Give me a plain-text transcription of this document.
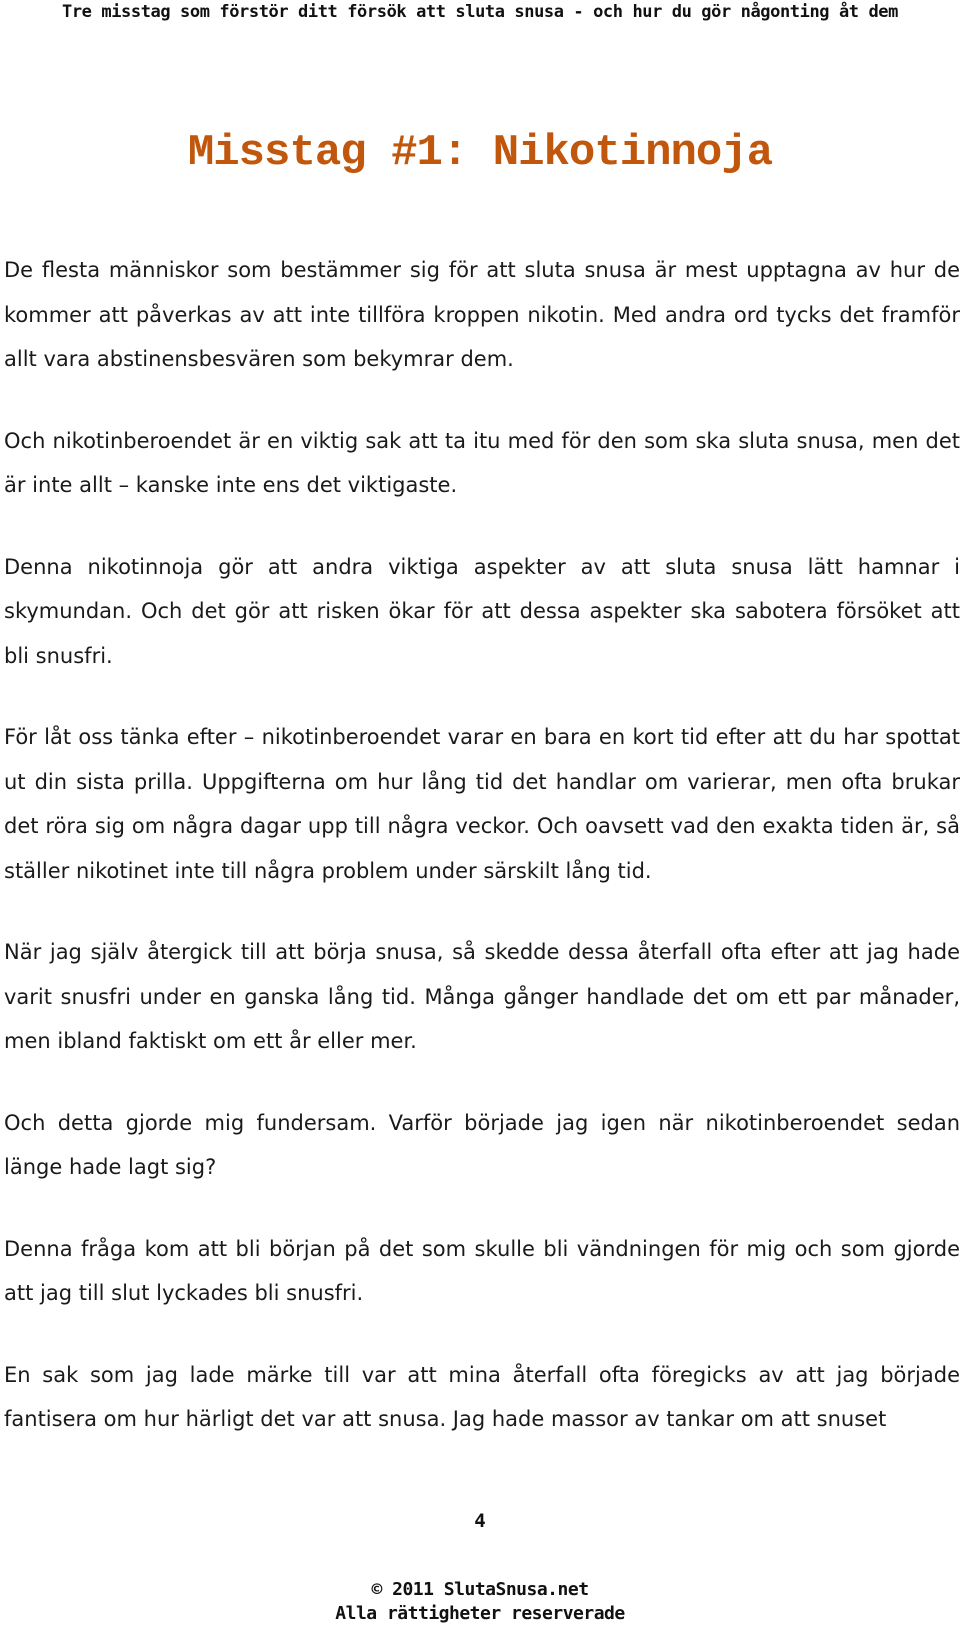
Tre misstag som förstör ditt försök att sluta snusa - och hur du gör någonting åt dem
Misstag #1: Nikotinnoja

De flesta människor som bestämmer sig för att sluta snusa är mest upptagna av hur de kommer att påverkas av att inte tillföra kroppen nikotin. Med andra ord tycks det framför allt vara abstinensbesvären som bekymrar dem.

Och nikotinberoendet är en viktig sak att ta itu med för den som ska sluta snusa, men det är inte allt – kanske inte ens det viktigaste.

Denna nikotinnoja gör att andra viktiga aspekter av att sluta snusa lätt hamnar i skymundan. Och det gör att risken ökar för att dessa aspekter ska sabotera försöket att bli snusfri.

För låt oss tänka efter – nikotinberoendet varar en bara en kort tid efter att du har spottat ut din sista prilla. Uppgifterna om hur lång tid det handlar om varierar, men ofta brukar det röra sig om några dagar upp till några veckor. Och oavsett vad den exakta tiden är, så ställer nikotinet inte till några problem under särskilt lång tid.

När jag själv återgick till att börja snusa, så skedde dessa återfall ofta efter att jag hade varit snusfri under en ganska lång tid. Många gånger handlade det om ett par månader, men ibland faktiskt om ett år eller mer.

Och detta gjorde mig fundersam. Varför började jag igen när nikotinberoendet sedan länge hade lagt sig?

Denna fråga kom att bli början på det som skulle bli vändningen för mig och som gjorde att jag till slut lyckades bli snusfri.

En sak som jag lade märke till var att mina återfall ofta föregicks av att jag började fantisera om hur härligt det var att snusa. Jag hade massor av tankar om att snuset

4
© 2011 SlutaSnusa.net
Alla rättigheter reserverade
